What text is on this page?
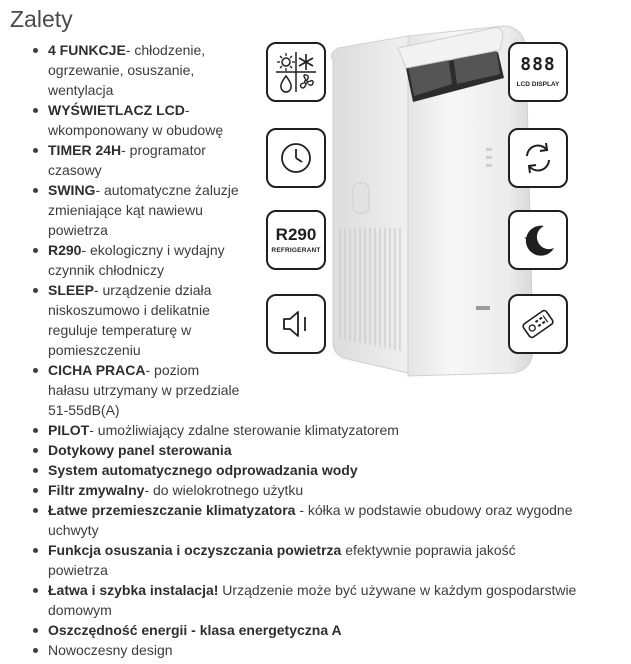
Zalety
4 FUNKCJE- chłodzenie, ogrzewanie, osuszanie, wentylacja
WYŚWIETLACZ LCD- wkomponowany w obudowę
TIMER 24H- programator czasowy
SWING- automatyczne żaluzje zmieniające kąt nawiewu powietrza
R290- ekologiczny i wydajny czynnik chłodniczy
SLEEP- urządzenie działa niskoszumowo i delikatnie reguluje temperaturę w pomieszczeniu
CICHA PRACA- poziom hałasu utrzymany w przedziale 51-55dB(A)
PILOT- umożliwiający zdalne sterowanie klimatyzatorem
Dotykowy panel sterowania
System automatycznego odprowadzania wody
Filtr zmywalny- do wielokrotnego użytku
Łatwe przemieszczanie klimatyzatora - kółka w podstawie obudowy oraz wygodne uchwyty
Funkcja osuszania i oczyszczania powietrza efektywnie poprawia jakość powietrza
Łatwa i szybka instalacja! Urządzenie może być używane w każdym gospodarstwie domowym
Oszczędność energii - klasa energetyczna A
Nowoczesny design
R290
REFRIGERANT
888
LCD DISPLAY
